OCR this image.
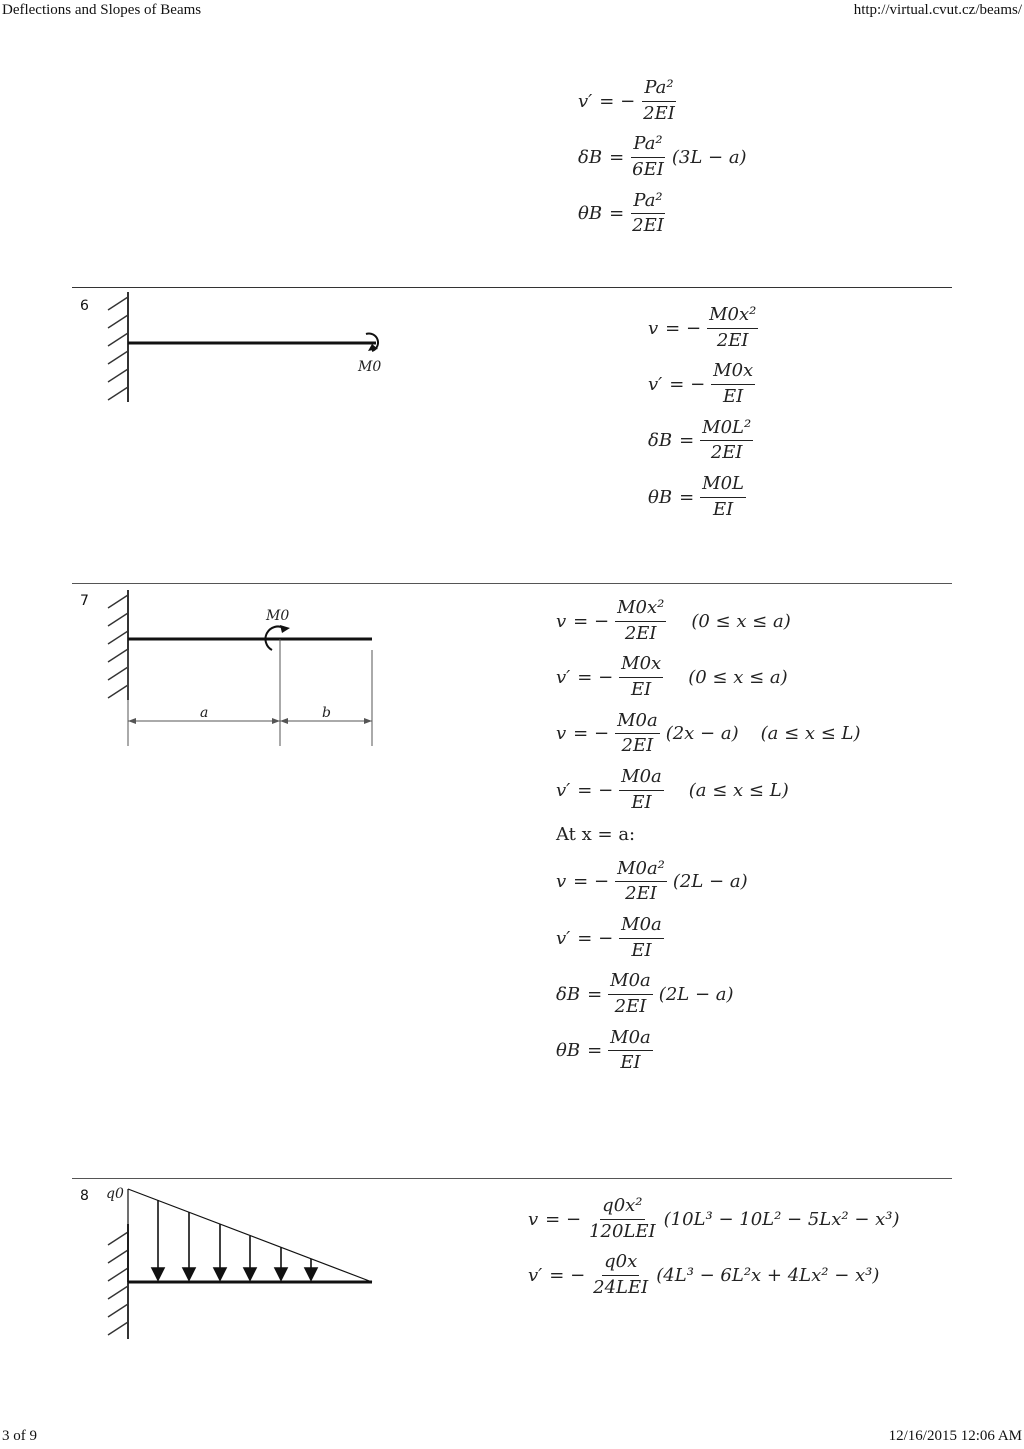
Deflections and Slopes of Beams	http://virtual.cvut.cz/beams/
3 of 9	12/16/2015 12:06 AM
v′ = − $\frac{\text{Pa²}}{2EI}$
$\delta B = \frac{\text{Pa²}}{6EI} (3L - a)$
$\theta B = \frac{\text{Pa²}}{2EI}$
6
M0
v = − $\frac{\text{M0x²}}{2EI}$
v′ = − $\frac{M0x}{EI}$
$\delta B = \frac{\text{M0L²}}{2EI}$
$\theta B = \frac{M0L}{EI}$
7
M0
a	b
v = − $\frac{\text{M0x²}}{2EI} (0 \le x \le a)$
v′ = − $\frac{M0x}{EI} (0 \le x \le a)$
v = − $\frac{M0a}{2EI} (2x - a) (a \le x \le L)$
v′ = − $\frac{M0a}{EI} (a \le x \le L)$
At x = a:
v = − $\frac{\text{M0a²}}{2EI} (2L - a)$
v′ = − $\frac{M0a}{EI}$
$\delta B = \frac{M0a}{2EI} (2L - a)$
$\theta B = \frac{M0a}{EI}$
8 q0
v = − $\frac{\text{q0x²}}{\text{120LEI}} (10L^3 - 10L^2 - 5Lx^2 - x^3)$
v′ = − $\frac{q0x}{\text{24LEI}} (4L^3 - 6L^2x + 4Lx^2 - x^3)$
